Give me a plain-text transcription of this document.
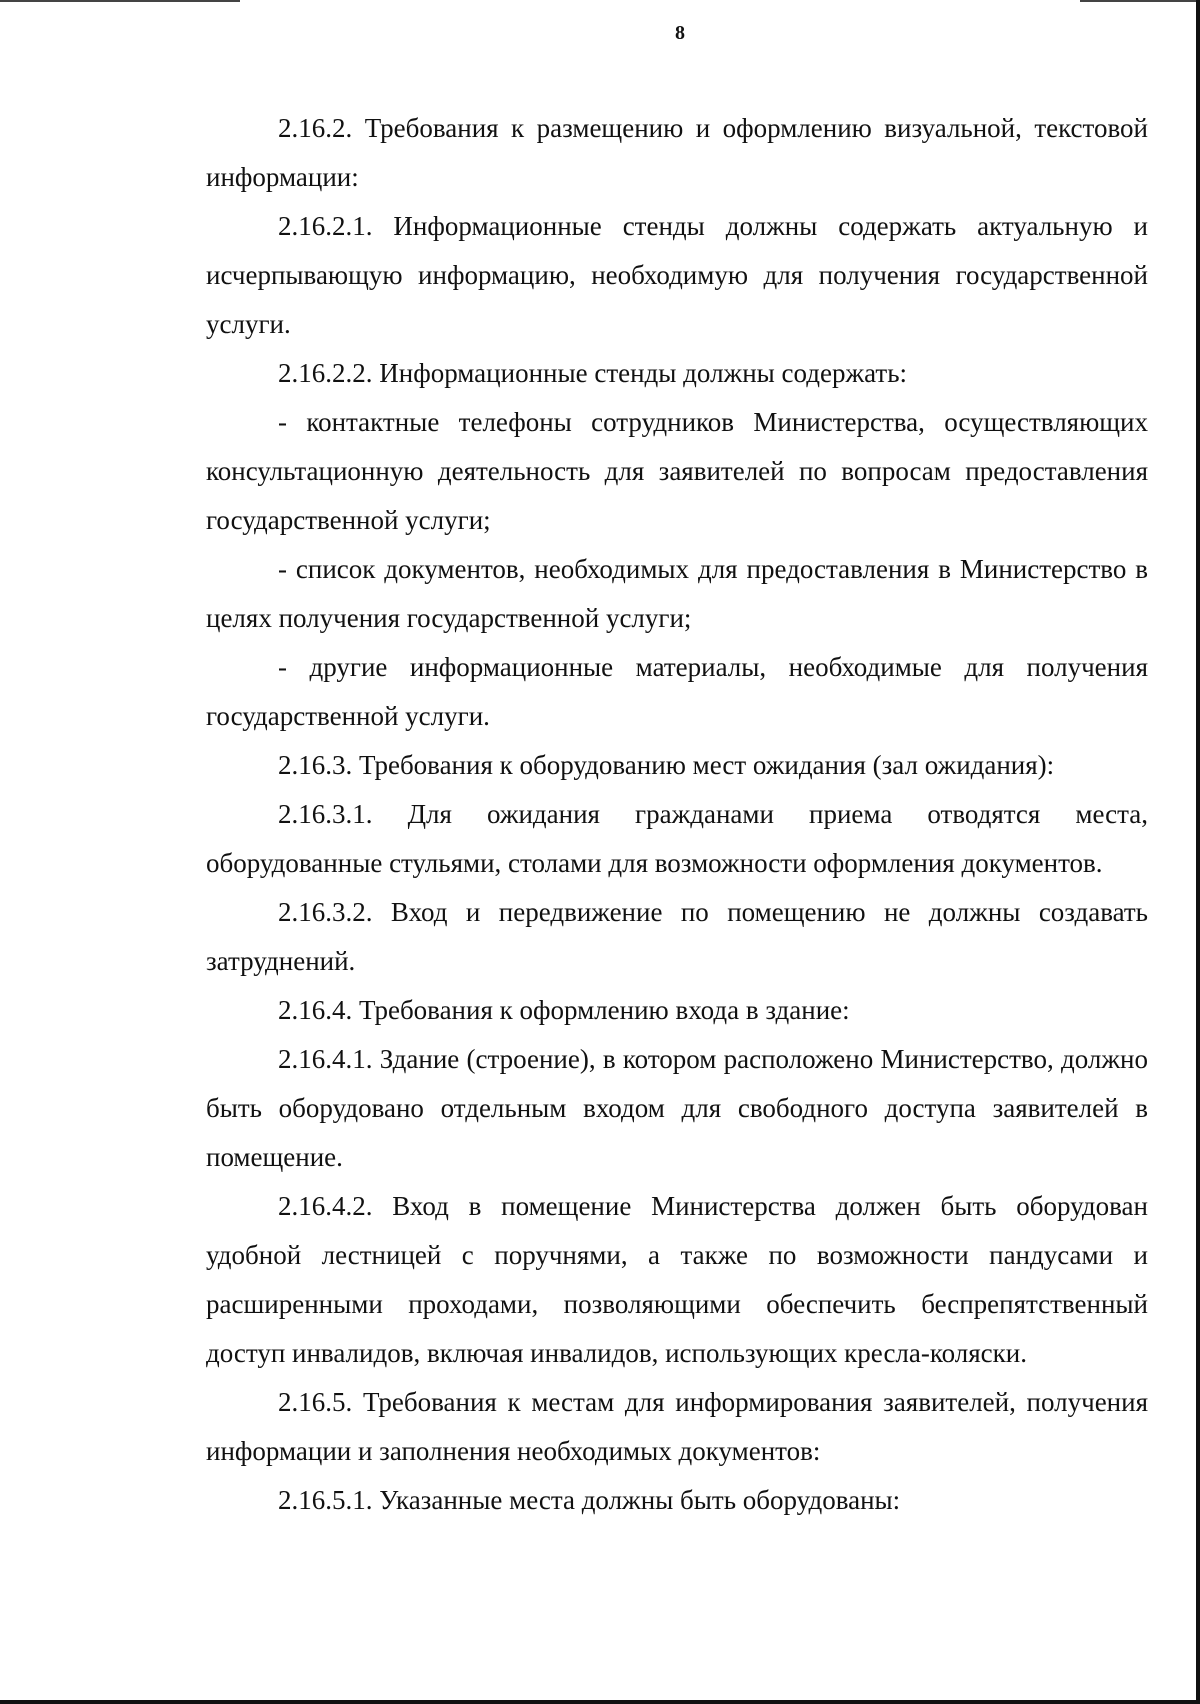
8

2.16.2. Требования к размещению и оформлению визуальной, текстовой информации:

2.16.2.1. Информационные стенды должны содержать актуальную и исчерпывающую информацию, необходимую для получения государственной услуги.

2.16.2.2. Информационные стенды должны содержать:

- контактные телефоны сотрудников Министерства, осуществляющих консультационную деятельность для заявителей по вопросам предоставления государственной услуги;

- список документов, необходимых для предоставления в Министерство в целях получения государственной услуги;

- другие информационные материалы, необходимые для получения государственной услуги.

2.16.3. Требования к оборудованию мест ожидания (зал ожидания):

2.16.3.1. Для ожидания гражданами приема отводятся места, оборудованные стульями, столами для возможности оформления документов.

2.16.3.2. Вход и передвижение по помещению не должны создавать затруднений.

2.16.4. Требования к оформлению входа в здание:

2.16.4.1. Здание (строение), в котором расположено Министерство, должно быть оборудовано отдельным входом для свободного доступа заявителей в помещение.

2.16.4.2. Вход в помещение Министерства должен быть оборудован удобной лестницей с поручнями, а также по возможности пандусами и расширенными проходами, позволяющими обеспечить беспрепятственный доступ инвалидов, включая инвалидов, использующих кресла-коляски.

2.16.5. Требования к местам для информирования заявителей, получения информации и заполнения необходимых документов:

2.16.5.1. Указанные места должны быть оборудованы:
